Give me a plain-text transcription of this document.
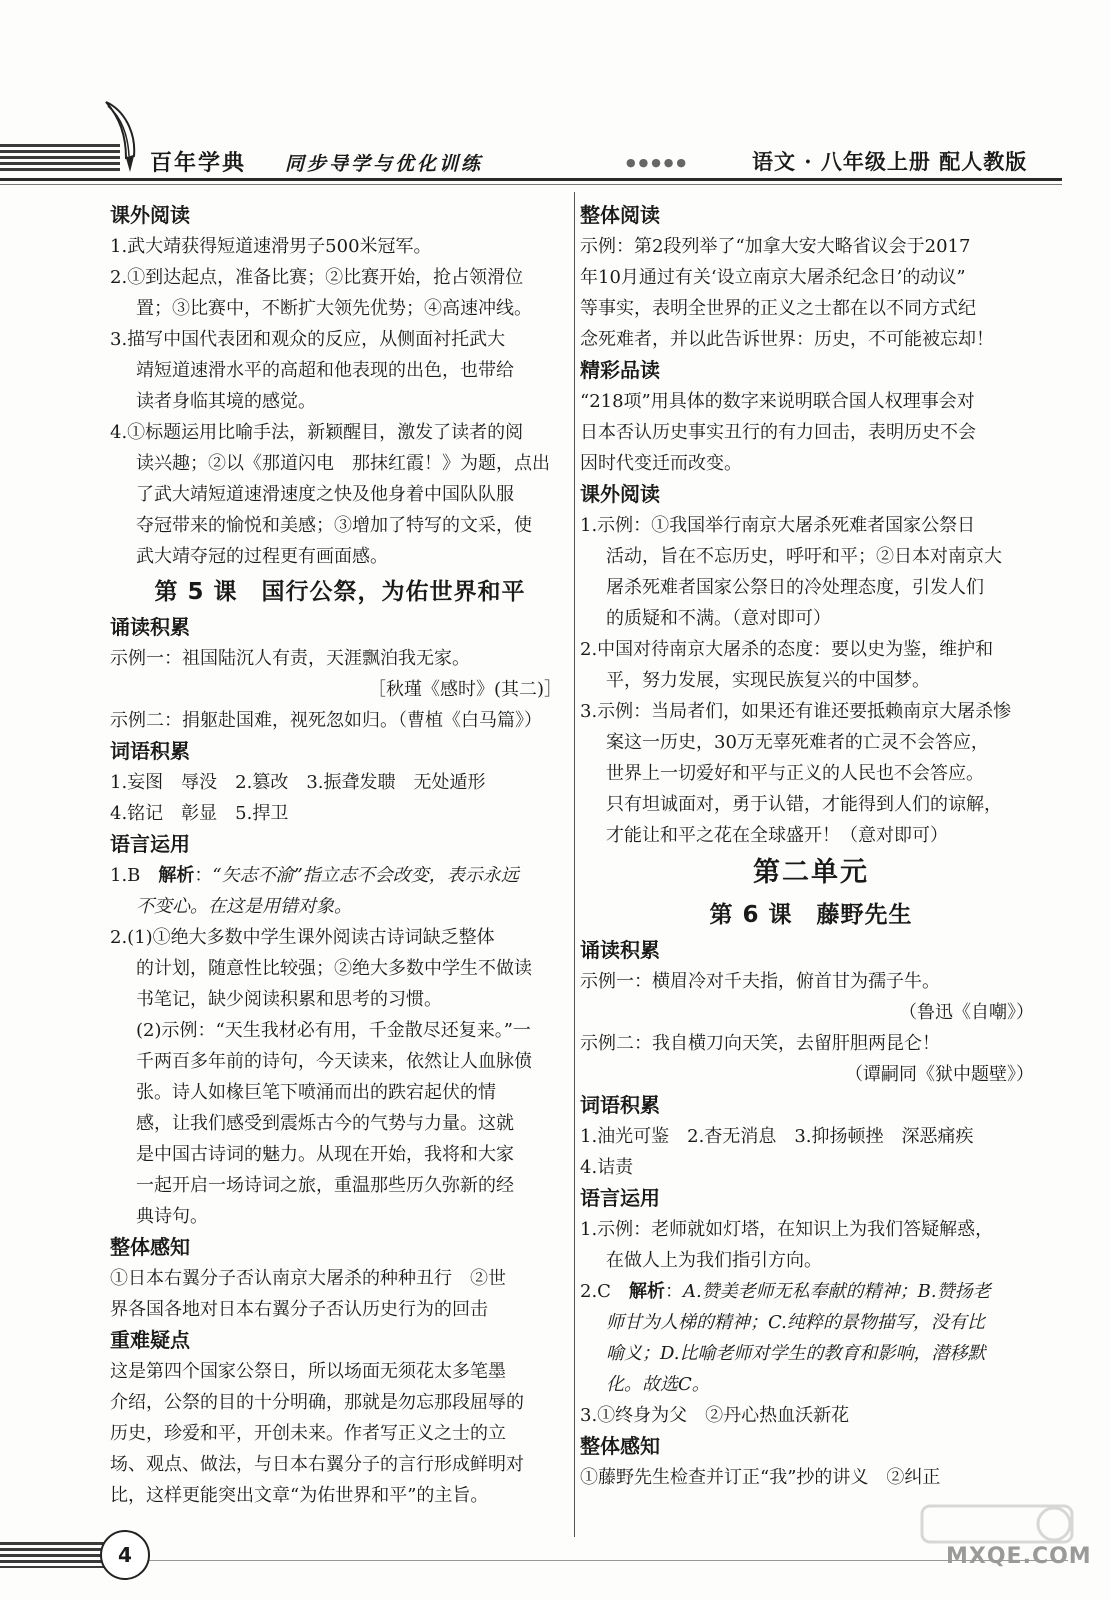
百年学典 同步导学与优化训练	●●●●●	语文 · 八年级上册 配人教版
课外阅读
1.武大靖获得短道速滑男子500米冠军。
2.①到达起点，准备比赛；②比赛开始，抢占领滑位
置；③比赛中，不断扩大领先优势；④高速冲线。
3.描写中国代表团和观众的反应，从侧面衬托武大
靖短道速滑水平的高超和他表现的出色，也带给
读者身临其境的感觉。
4.①标题运用比喻手法，新颖醒目，激发了读者的阅
读兴趣；②以《那道闪电　那抹红霞！》为题，点出
了武大靖短道速滑速度之快及他身着中国队队服
夺冠带来的愉悦和美感；③增加了特写的文采，使
武大靖夺冠的过程更有画面感。
第 5 课　国行公祭，为佑世界和平
诵读积累
示例一：祖国陆沉人有责，天涯飘泊我无家。
［秋瑾《感时》(其二)］
示例二：捐躯赴国难，视死忽如归。（曹植《白马篇》）
词语积累
1.妄图　辱没　2.篡改　3.振聋发聩　无处遁形
4.铭记　彰显　5.捍卫
语言运用
1.B　解析：“矢志不渝”指立志不会改变，表示永远
不变心。在这是用错对象。
2.(1)①绝大多数中学生课外阅读古诗词缺乏整体
的计划，随意性比较强；②绝大多数中学生不做读
书笔记，缺少阅读积累和思考的习惯。
(2)示例：“天生我材必有用，千金散尽还复来。”一
千两百多年前的诗句，今天读来，依然让人血脉偾
张。诗人如椽巨笔下喷涌而出的跌宕起伏的情
感，让我们感受到震烁古今的气势与力量。这就
是中国古诗词的魅力。从现在开始，我将和大家
一起开启一场诗词之旅，重温那些历久弥新的经
典诗句。
整体感知
①日本右翼分子否认南京大屠杀的种种丑行　②世
界各国各地对日本右翼分子否认历史行为的回击
重难疑点
这是第四个国家公祭日，所以场面无须花太多笔墨
介绍，公祭的目的十分明确，那就是勿忘那段屈辱的
历史，珍爱和平，开创未来。作者写正义之士的立
场、观点、做法，与日本右翼分子的言行形成鲜明对
比，这样更能突出文章“为佑世界和平”的主旨。
整体阅读
示例：第2段列举了“加拿大安大略省议会于2017
年10月通过有关‘设立南京大屠杀纪念日’的动议”
等事实，表明全世界的正义之士都在以不同方式纪
念死难者，并以此告诉世界：历史，不可能被忘却！
精彩品读
“218项”用具体的数字来说明联合国人权理事会对
日本否认历史事实丑行的有力回击，表明历史不会
因时代变迁而改变。
课外阅读
1.示例：①我国举行南京大屠杀死难者国家公祭日
活动，旨在不忘历史，呼吁和平；②日本对南京大
屠杀死难者国家公祭日的冷处理态度，引发人们
的质疑和不满。（意对即可）
2.中国对待南京大屠杀的态度：要以史为鉴，维护和
平，努力发展，实现民族复兴的中国梦。
3.示例：当局者们，如果还有谁还要抵赖南京大屠杀惨
案这一历史，30万无辜死难者的亡灵不会答应，
世界上一切爱好和平与正义的人民也不会答应。
只有坦诚面对，勇于认错，才能得到人们的谅解，
才能让和平之花在全球盛开！（意对即可）
第二单元
第 6 课　藤野先生
诵读积累
示例一：横眉冷对千夫指，俯首甘为孺子牛。
（鲁迅《自嘲》）
示例二：我自横刀向天笑，去留肝胆两昆仑！
（谭嗣同《狱中题壁》）
词语积累
1.油光可鉴　2.杳无消息　3.抑扬顿挫　深恶痛疾
4.诘责
语言运用
1.示例：老师就如灯塔，在知识上为我们答疑解惑，
在做人上为我们指引方向。
2.C　解析：A.赞美老师无私奉献的精神；B.赞扬老
师甘为人梯的精神；C.纯粹的景物描写，没有比
喻义；D.比喻老师对学生的教育和影响，潜移默
化。故选C。
3.①终身为父　②丹心热血沃新花
整体感知
①藤野先生检查并订正“我”抄的讲义　②纠正
4	MXQE.COM
